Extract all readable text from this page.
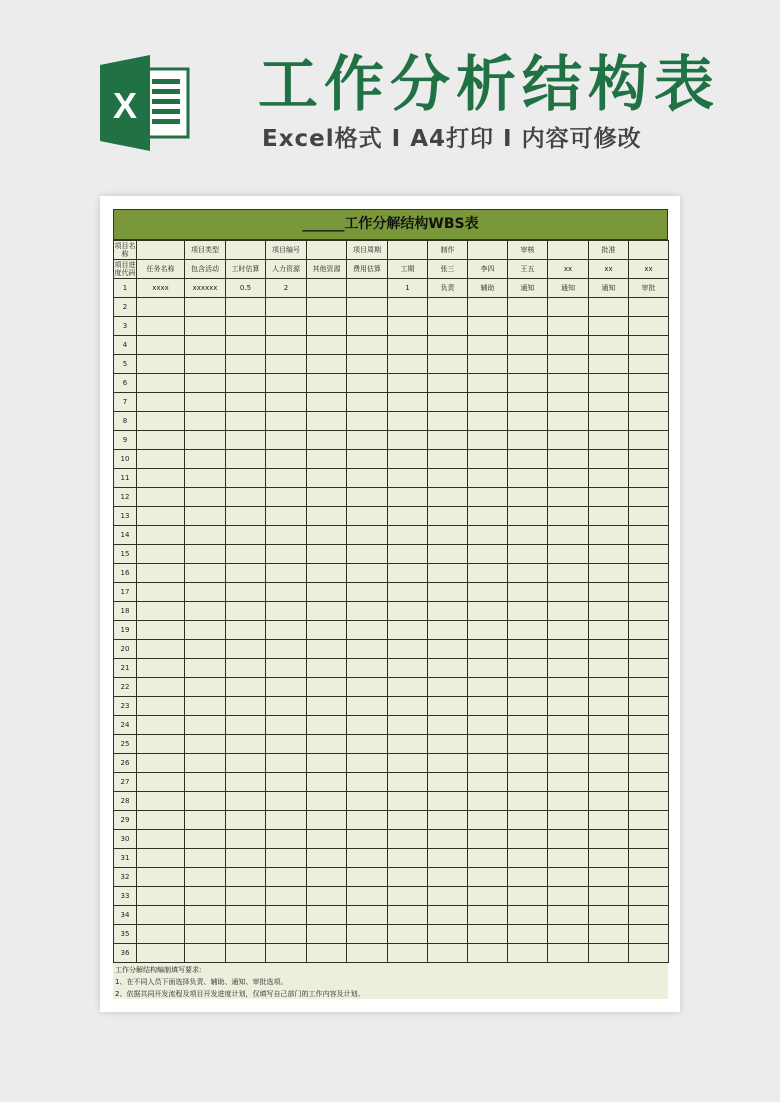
X 工作分析结构表
Excel格式 I A4打印 I 内容可修改
______工作分解结构WBS表
项目名称		项目类型		项目编号		项目周期		制作		审核		批准	
项目进度代码	任务名称	包含活动	工时估算	人力资源	其他资源	费用估算	工期	张三	李四	王五	xx	xx	xx
1	xxxx	xxxxxx	0.5	2			1	负责	辅助	通知	通知	通知	审批
2													
3													
4													
5													
6													
7													
8													
9													
10													
11													
12													
13													
14													
15													
16													
17													
18													
19													
20													
21													
22													
23													
24													
25													
26													
27													
28													
29													
30													
31													
32													
33													
34													
35													
36													
工作分解结构编制填写要求:
1、在不同人员下面选择负责、辅助、通知、审批选项。
2、依据共同开发流程及项目开发进度计划，仅填写自己部门的工作内容及计划。
